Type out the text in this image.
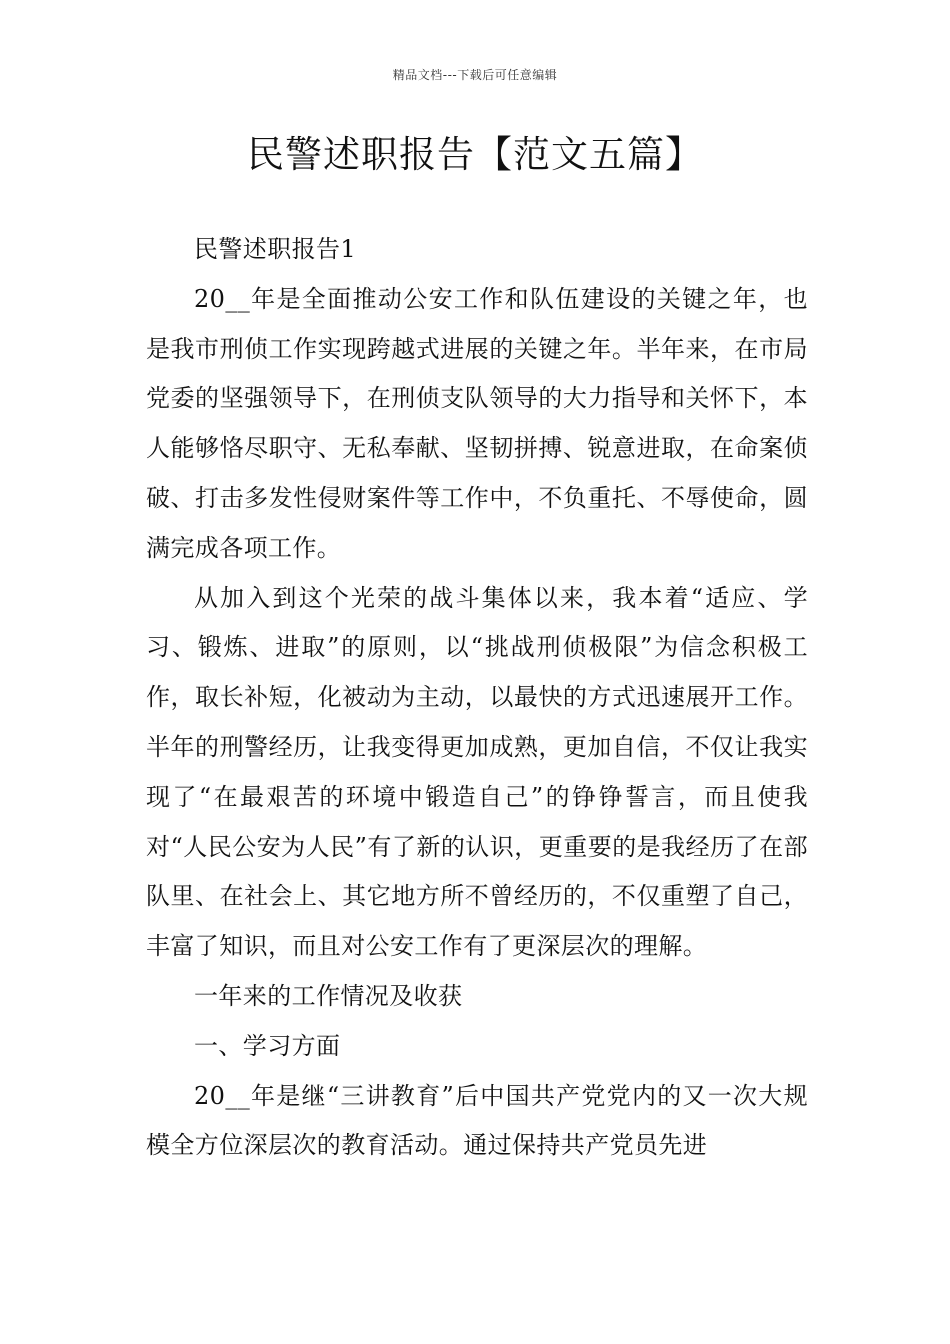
精品文档---下载后可任意编辑
民警述职报告【范文五篇】

民警述职报告1

20__年是全面推动公安工作和队伍建设的关键之年，也是我市刑侦工作实现跨越式进展的关键之年。半年来，在市局党委的坚强领导下，在刑侦支队领导的大力指导和关怀下，本人能够恪尽职守、无私奉献、坚韧拼搏、锐意进取，在命案侦破、打击多发性侵财案件等工作中，不负重托、不辱使命，圆满完成各项工作。

从加入到这个光荣的战斗集体以来，我本着“适应、学习、锻炼、进取”的原则，以“挑战刑侦极限”为信念积极工作，取长补短，化被动为主动，以最快的方式迅速展开工作。半年的刑警经历，让我变得更加成熟，更加自信，不仅让我实现了“在最艰苦的环境中锻造自己”的铮铮誓言，而且使我对“人民公安为人民”有了新的认识，更重要的是我经历了在部队里、在社会上、其它地方所不曾经历的，不仅重塑了自己，丰富了知识，而且对公安工作有了更深层次的理解。

一年来的工作情况及收获

一、学习方面

20__年是继“三讲教育”后中国共产党党内的又一次大规模全方位深层次的教育活动。通过保持共产党员先进
